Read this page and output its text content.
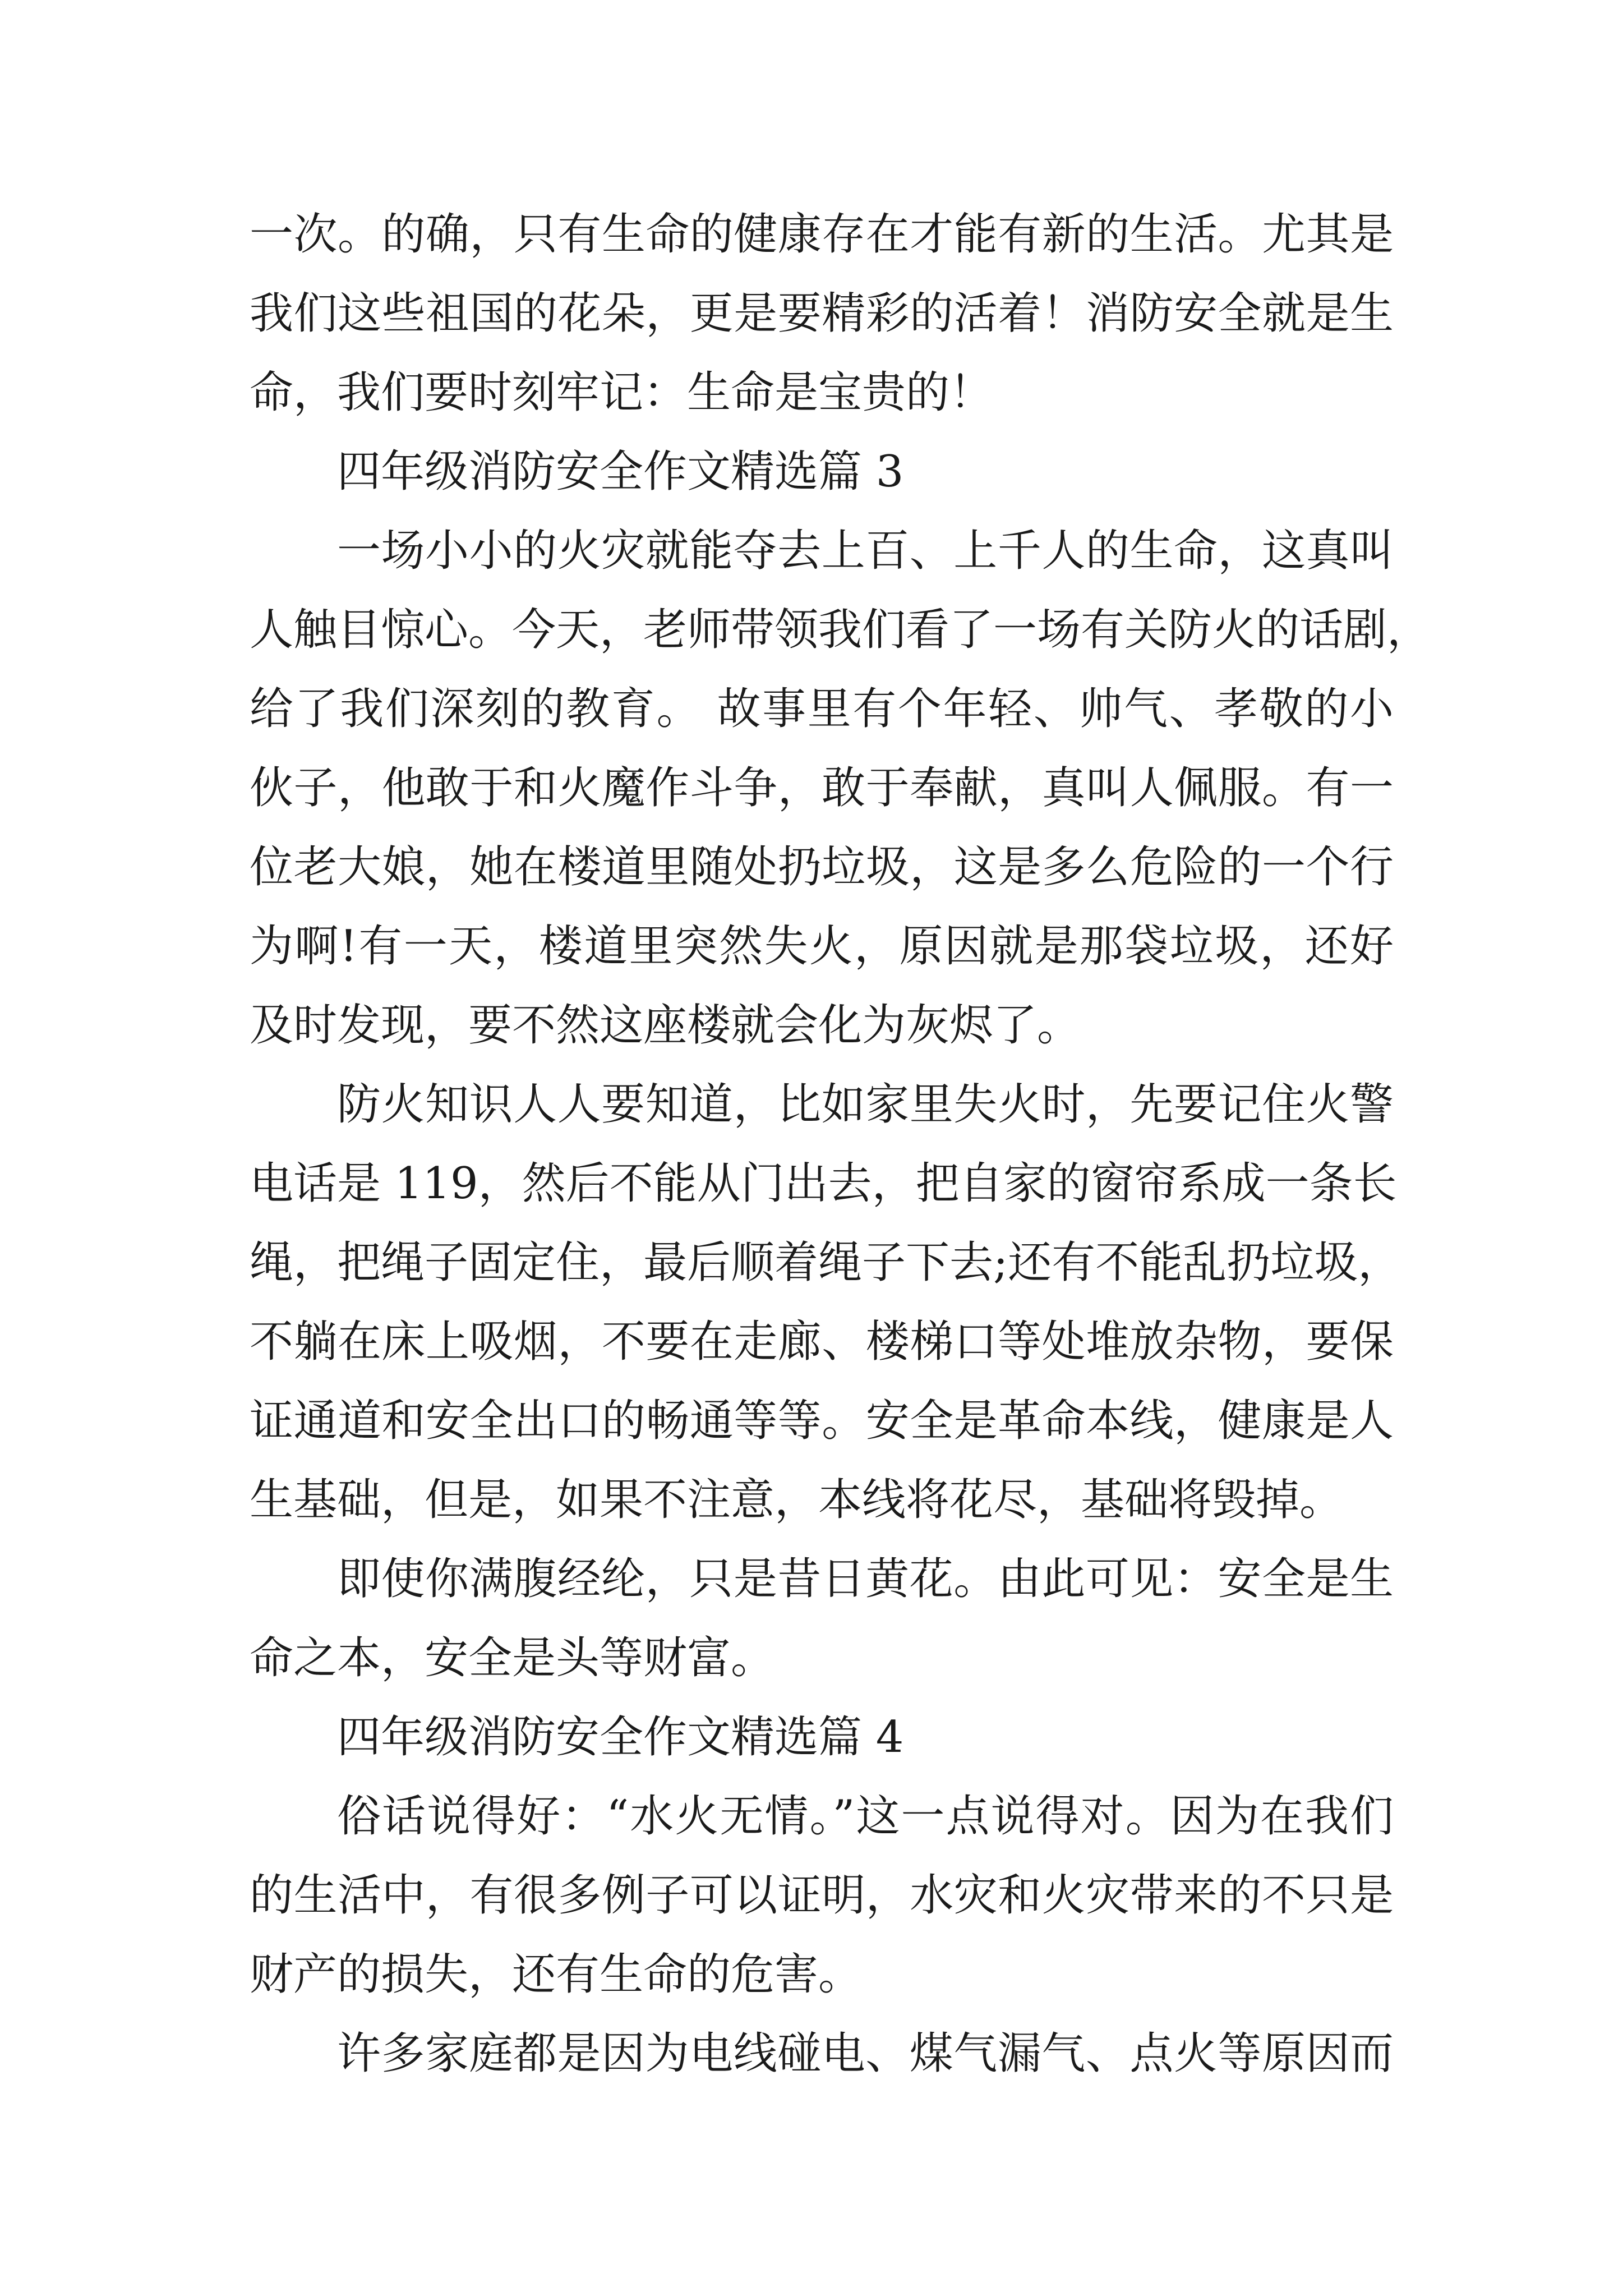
一次。的确，只有生命的健康存在才能有新的生活。尤其是
我们这些祖国的花朵，更是要精彩的活着！消防安全就是生
命，我们要时刻牢记：生命是宝贵的！
四年级消防安全作文精选篇 3
一场小小的火灾就能夺去上百、上千人的生命，这真叫
人触目惊心。今天，老师带领我们看了一场有关防火的话剧，
给了我们深刻的教育。 故事里有个年轻、帅气、孝敬的小
伙子，他敢于和火魔作斗争，敢于奉献，真叫人佩服。有一
位老大娘，她在楼道里随处扔垃圾，这是多么危险的一个行
为啊!有一天，楼道里突然失火，原因就是那袋垃圾，还好
及时发现，要不然这座楼就会化为灰烬了。
防火知识人人要知道，比如家里失火时，先要记住火警
电话是 119，然后不能从门出去，把自家的窗帘系成一条长
绳，把绳子固定住，最后顺着绳子下去;还有不能乱扔垃圾，
不躺在床上吸烟，不要在走廊、楼梯口等处堆放杂物，要保
证通道和安全出口的畅通等等。安全是革命本线，健康是人
生基础，但是，如果不注意，本线将花尽，基础将毁掉。
即使你满腹经纶，只是昔日黄花。由此可见：安全是生
命之本，安全是头等财富。
四年级消防安全作文精选篇 4
俗话说得好：“水火无情。”这一点说得对。因为在我们
的生活中，有很多例子可以证明，水灾和火灾带来的不只是
财产的损失，还有生命的危害。
许多家庭都是因为电线碰电、煤气漏气、点火等原因而
